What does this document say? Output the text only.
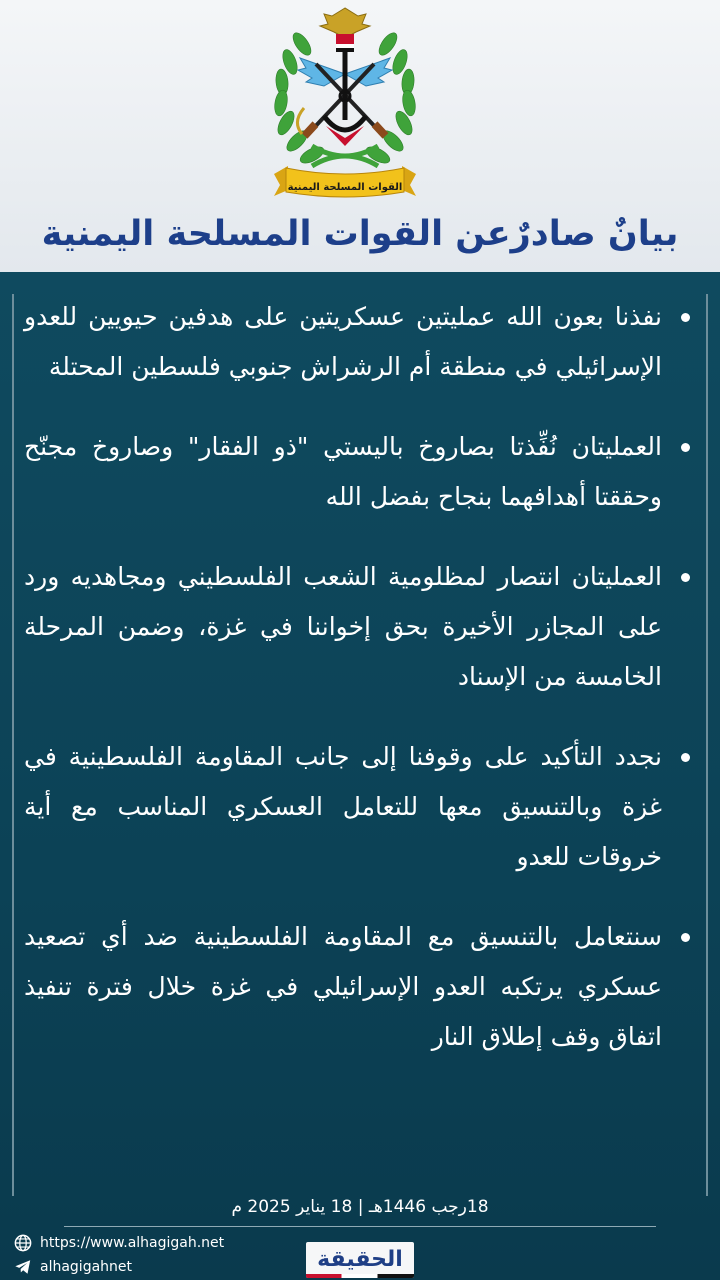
القوات المسلحة اليمنية
بيانٌ صادرٌعن القوات المسلحة اليمنية
نفذنا بعون الله عمليتين عسكريتين على هدفين حيويين للعدو الإسرائيلي في منطقة أم الرشراش جنوبي فلسطين المحتلة
العمليتان نُفِّذتا بصاروخ باليستي "ذو الفقار" وصاروخ مجنّح وحققتا أهدافهما بنجاح بفضل الله
العمليتان انتصار لمظلومية الشعب الفلسطيني ومجاهديه ورد على المجازر الأخيرة بحق إخواننا في غزة، وضمن المرحلة الخامسة من الإسناد
نجدد التأكيد على وقوفنا إلى جانب المقاومة الفلسطينية في غزة وبالتنسيق معها للتعامل العسكري المناسب مع أية خروقات للعدو
سنتعامل بالتنسيق مع المقاومة الفلسطينية ضد أي تصعيد عسكري يرتكبه العدو الإسرائيلي في غزة خلال فترة تنفيذ اتفاق وقف إطلاق النار
18رجب 1446هـ | 18 يناير 2025 م
https://www.alhagigah.net
alhagigahnet	الحقيقة
